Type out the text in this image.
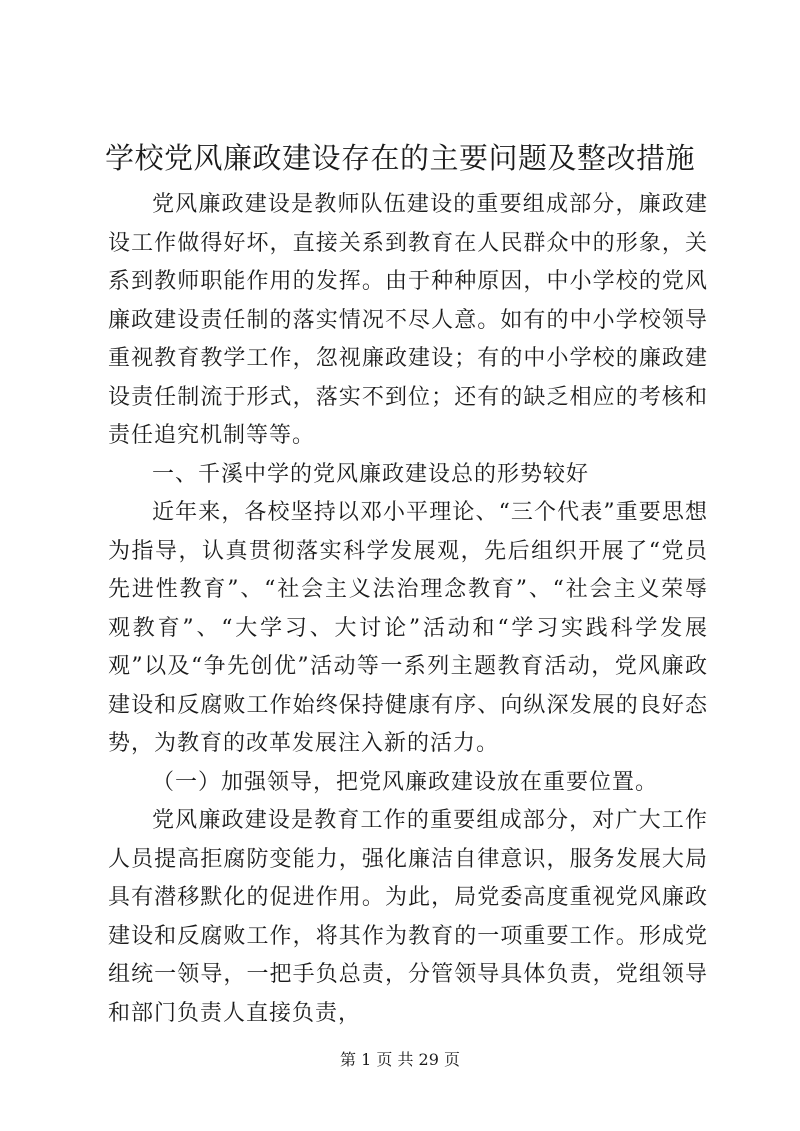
学校党风廉政建设存在的主要问题及整改措施

党风廉政建设是教师队伍建设的重要组成部分，廉政建设工作做得好坏，直接关系到教育在人民群众中的形象，关系到教师职能作用的发挥。由于种种原因，中小学校的党风廉政建设责任制的落实情况不尽人意。如有的中小学校领导重视教育教学工作，忽视廉政建设；有的中小学校的廉政建设责任制流于形式，落实不到位；还有的缺乏相应的考核和责任追究机制等等。

一、千溪中学的党风廉政建设总的形势较好

近年来，各校坚持以邓小平理论、“三个代表”重要思想为指导，认真贯彻落实科学发展观，先后组织开展了“党员先进性教育”、“社会主义法治理念教育”、“社会主义荣辱观教育”、“大学习、大讨论”活动和“学习实践科学发展观”以及“争先创优”活动等一系列主题教育活动，党风廉政建设和反腐败工作始终保持健康有序、向纵深发展的良好态势，为教育的改革发展注入新的活力。

（一）加强领导，把党风廉政建设放在重要位置。

党风廉政建设是教育工作的重要组成部分，对广大工作人员提高拒腐防变能力，强化廉洁自律意识，服务发展大局具有潜移默化的促进作用。为此，局党委高度重视党风廉政建设和反腐败工作，将其作为教育的一项重要工作。形成党组统一领导，一把手负总责，分管领导具体负责，党组领导和部门负责人直接负责，

第 1 页 共 29 页
